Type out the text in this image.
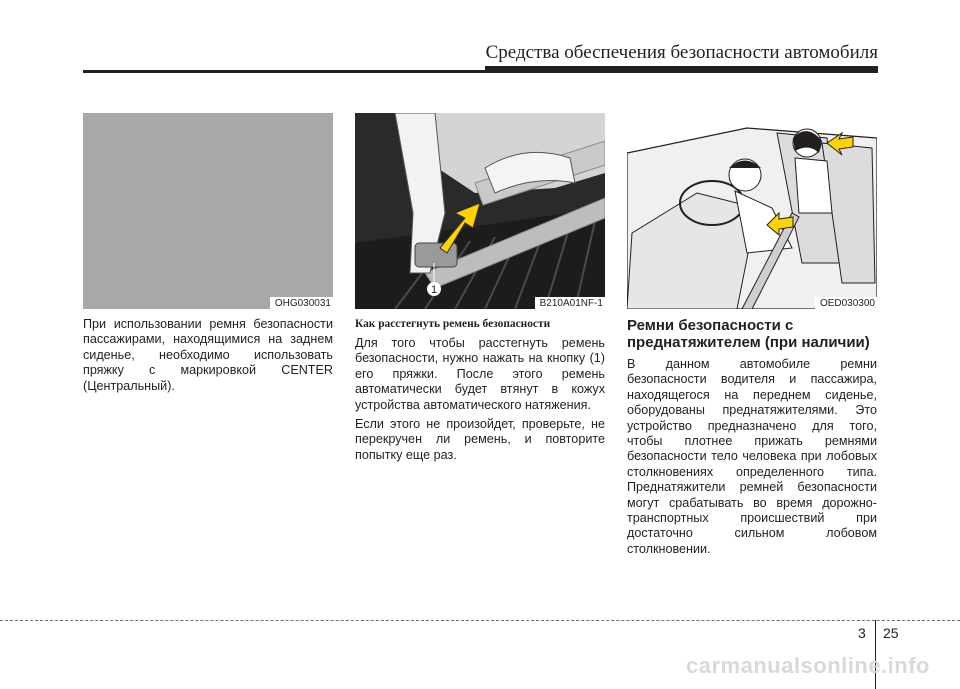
Средства обеспечения безопасности автомобиля
OHG030031
1
B210A01NF-1	OED030300

При использовании ремня безопасности пассажирами, находящимися на заднем сиденье, необходимо использовать пряжку с маркировкой CENTER (Центральный).

Как расстегнуть ремень безопасности

Для того чтобы расстегнуть ремень безопасности, нужно нажать на кнопку (1) его пряжки. После этого ремень автоматически будет втянут в кожух устройства автоматического натяжения.

Если этого не произойдет, проверьте, не перекручен ли ремень, и повторите попытку еще раз.

Ремни безопасности с преднатяжителем (при наличии)

В данном автомобиле ремни безопасности водителя и пассажира, находящегося на переднем сиденье, оборудованы преднатяжителями. Это устройство предназначено для того, чтобы плотнее прижать ремнями безопасности тело человека при лобовых столкновениях определенного типа. Преднатяжители ремней безопасности могут срабатывать во время дорожно-транспортных происшествий при достаточно сильном лобовом столкновении.

3 25
carmanualsonline.info
